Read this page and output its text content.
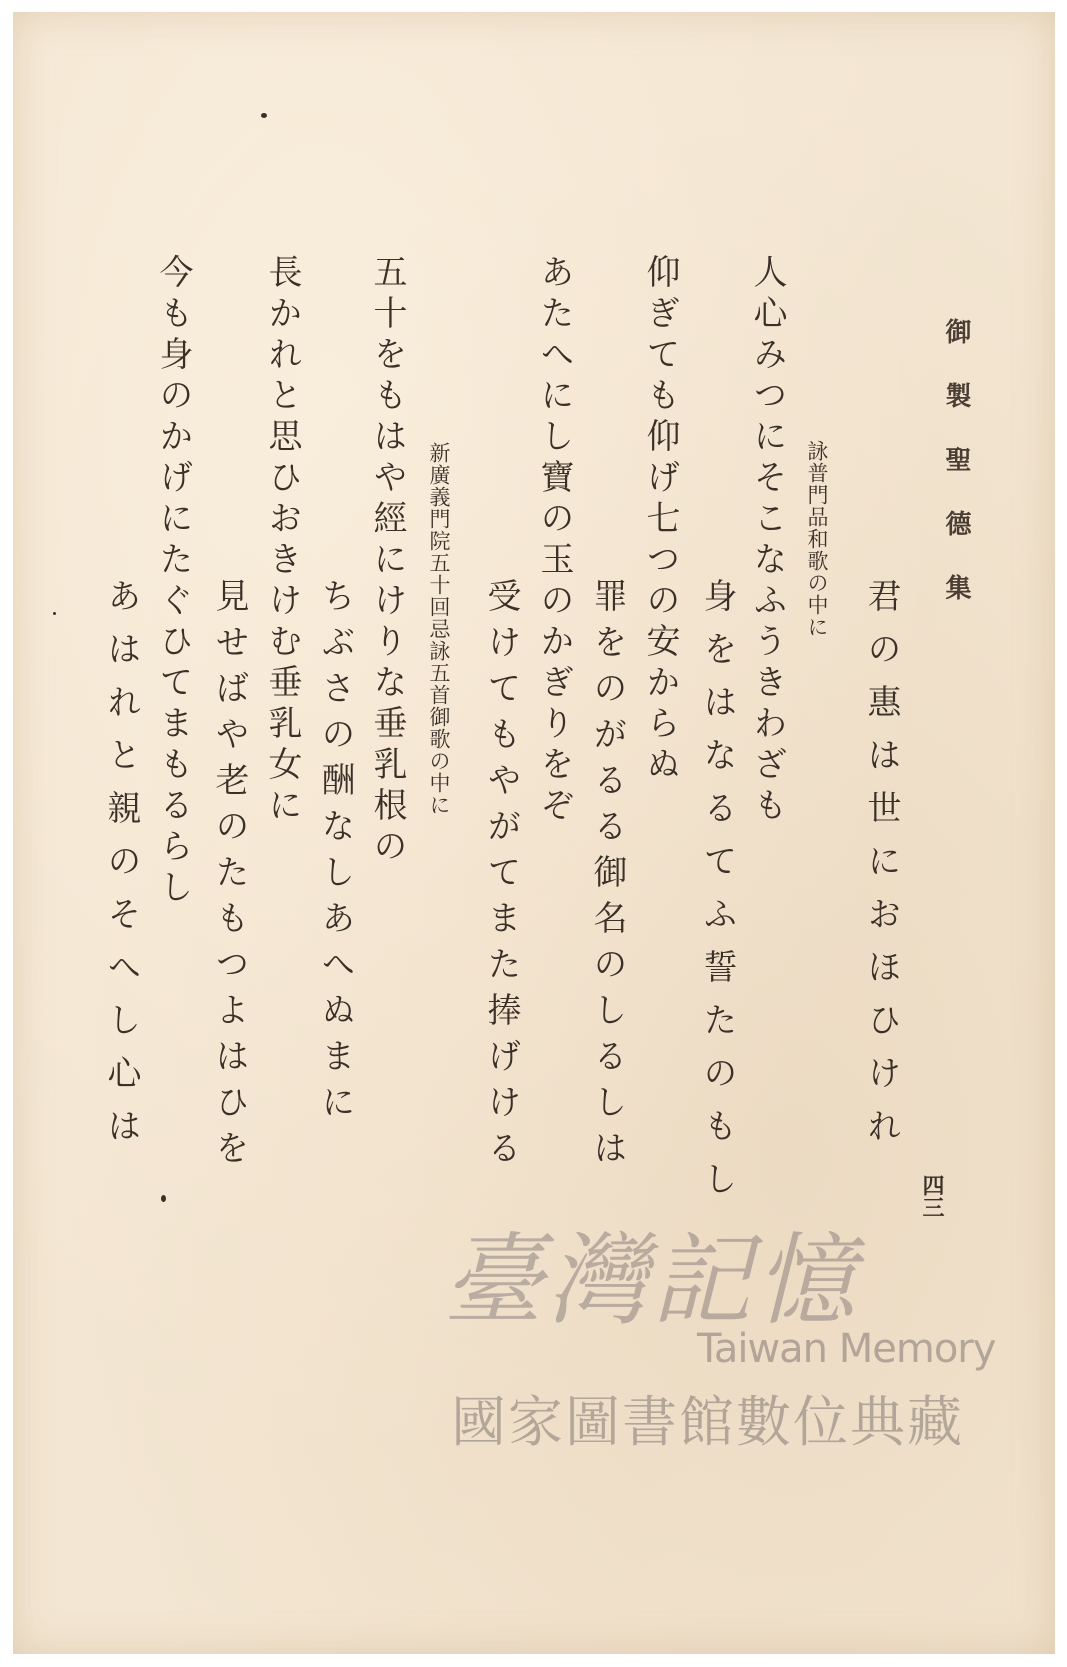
御製聖德集
君の惠は世におほひけれ
身をはなるてふ誓たのもし
詠普門品和歌の中に
人心みつにそこなふうきわざも
仰ぎても仰げ七つの安からぬ
罪をのがるる御名のしるしは
あたへにし寶の玉のかぎりをぞ
受けてもやがてまた捧げける
新廣義門院五十回忌詠五首御歌の中に
五十をもはや經にけりな垂乳根の
ちぶさの酬なしあへぬまに
長かれと思ひおきけむ垂乳女に
見せばや老のたもつよはひを
今も身のかげにたぐひてまもるらし
あはれと親のそへし心は
四三
臺灣記憶
Taiwan Memory
國家圖書館數位典藏
